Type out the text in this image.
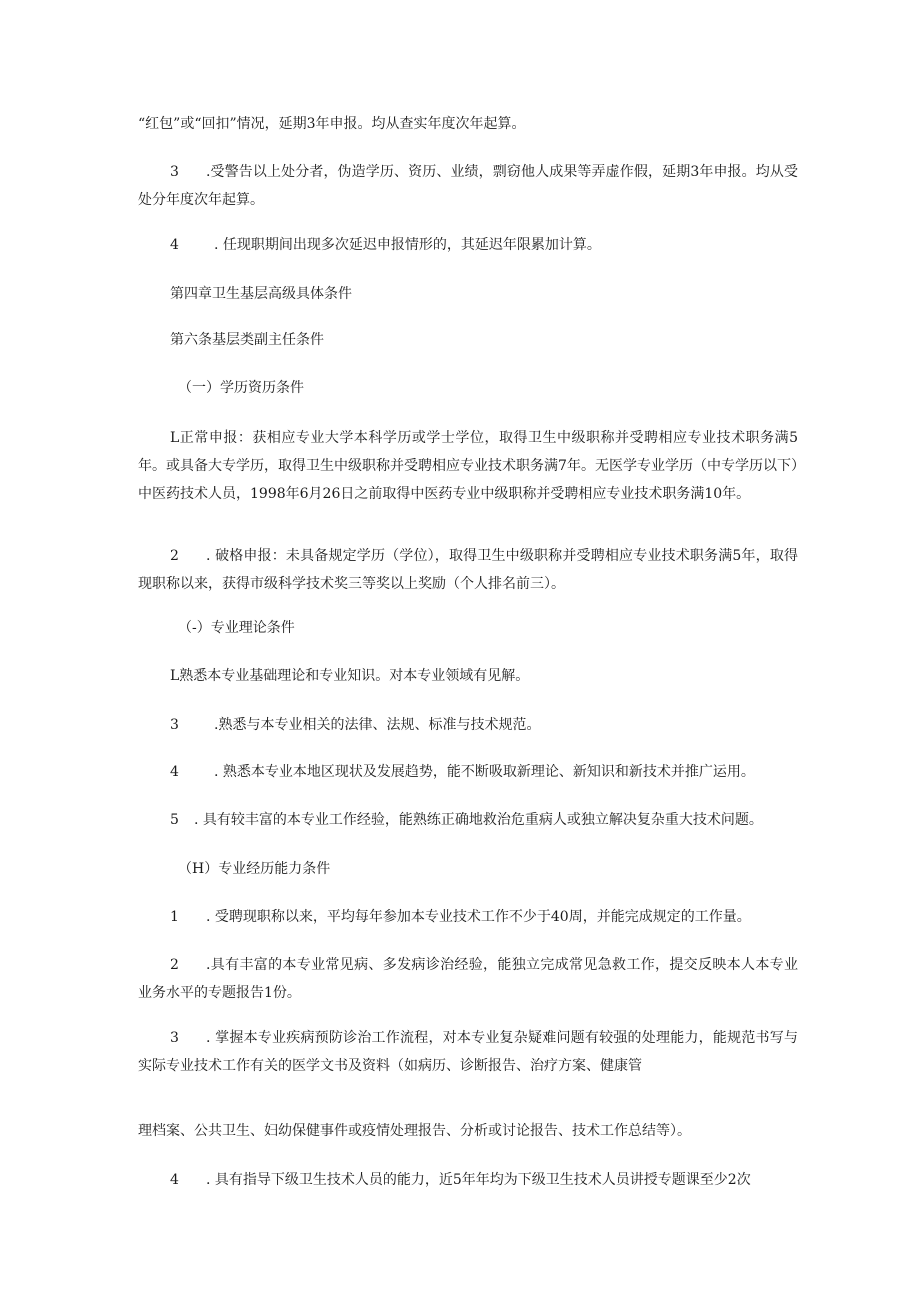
“红包”或“回扣”情况，延期3年申报。均从查实年度次年起算。

3 .受警告以上处分者，伪造学历、资历、业绩，剽窃他人成果等弄虚作假，延期3年申报。均从受处分年度次年起算。

4	. 任现职期间出现多次延迟申报情形的，其延迟年限累加计算。

第四章卫生基层高级具体条件

第六条基层类副主任条件

（一）学历资历条件

L正常申报：获相应专业大学本科学历或学士学位，取得卫生中级职称并受聘相应专业技术职务满5年。或具备大专学历，取得卫生中级职称并受聘相应专业技术职务满7年。无医学专业学历（中专学历以下）中医药技术人员，1998年6月26日之前取得中医药专业中级职称并受聘相应专业技术职务满10年。

2 . 破格申报：未具备规定学历（学位），取得卫生中级职称并受聘相应专业技术职务满5年，取得现职称以来，获得市级科学技术奖三等奖以上奖励（个人排名前三）。

（-）专业理论条件

L熟悉本专业基础理论和专业知识。对本专业领域有见解。

3	.熟悉与本专业相关的法律、法规、标准与技术规范。

4	. 熟悉本专业本地区现状及发展趋势，能不断吸取新理论、新知识和新技术并推广运用。

5 . 具有较丰富的本专业工作经验，能熟练正确地救治危重病人或独立解决复杂重大技术问题。

（H）专业经历能力条件

1 . 受聘现职称以来，平均每年参加本专业技术工作不少于40周，并能完成规定的工作量。

2 .具有丰富的本专业常见病、多发病诊治经验，能独立完成常见急救工作，提交反映本人本专业业务水平的专题报告1份。

3 . 掌握本专业疾病预防诊治工作流程，对本专业复杂疑难问题有较强的处理能力，能规范书写与实际专业技术工作有关的医学文书及资料（如病历、诊断报告、治疗方案、健康管

理档案、公共卫生、妇幼保健事件或疫情处理报告、分析或讨论报告、技术工作总结等）。

4 . 具有指导下级卫生技术人员的能力，近5年年均为下级卫生技术人员讲授专题课至少2次
